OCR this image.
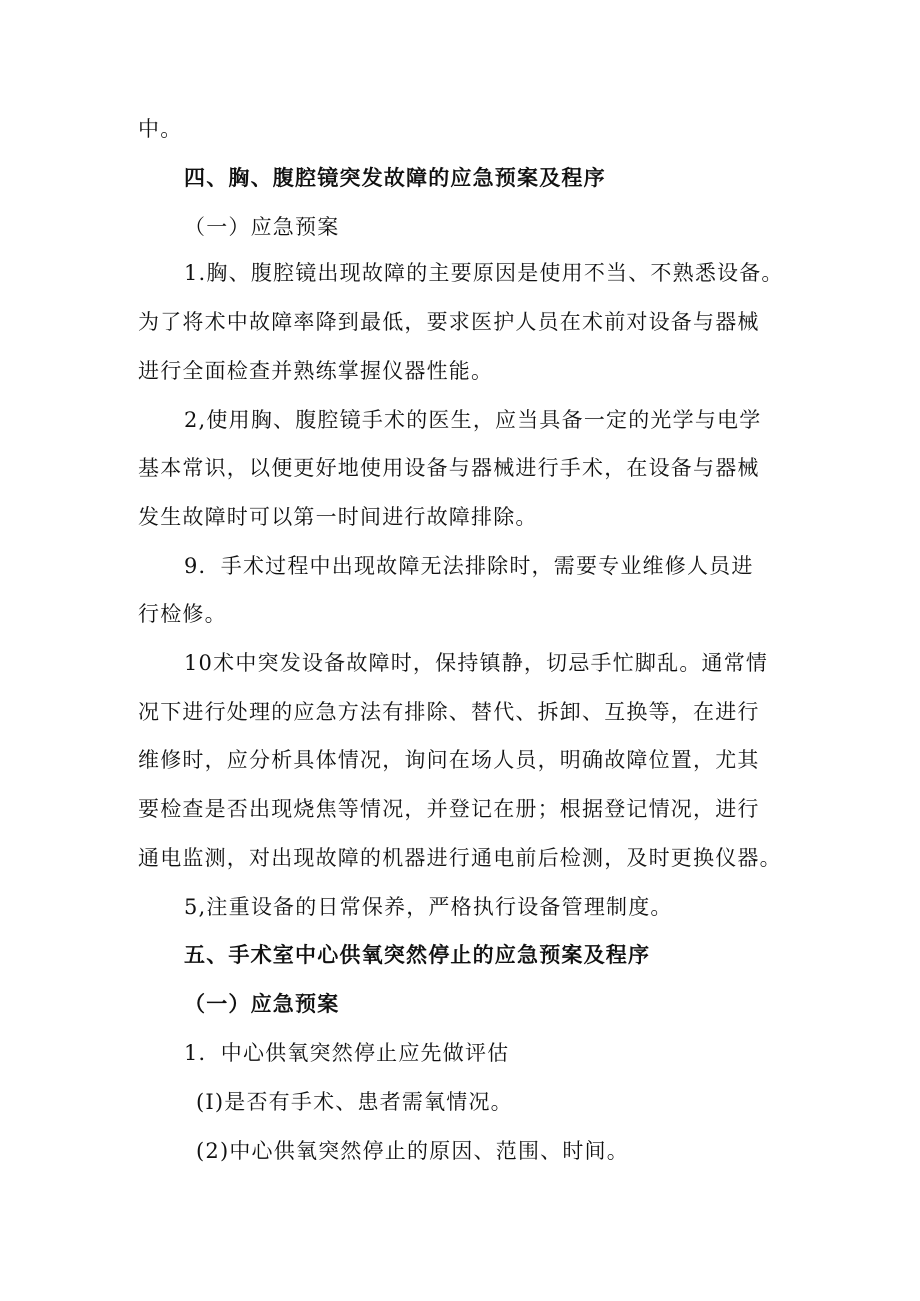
中。
四、胸、腹腔镜突发故障的应急预案及程序
（一）应急预案
1.胸、腹腔镜出现故障的主要原因是使用不当、不熟悉设备。
为了将术中故障率降到最低，要求医护人员在术前对设备与器械
进行全面检查并熟练掌握仪器性能。
2,使用胸、腹腔镜手术的医生，应当具备一定的光学与电学
基本常识，以便更好地使用设备与器械进行手术，在设备与器械
发生故障时可以第一时间进行故障排除。
9．手术过程中出现故障无法排除时，需要专业维修人员进
行检修。
10术中突发设备故障时，保持镇静，切忌手忙脚乱。通常情
况下进行处理的应急方法有排除、替代、拆卸、互换等，在进行
维修时，应分析具体情况，询问在场人员，明确故障位置，尤其
要检查是否出现烧焦等情况，并登记在册；根据登记情况，进行
通电监测，对出现故障的机器进行通电前后检测，及时更换仪器。
5,注重设备的日常保养，严格执行设备管理制度。
五、手术室中心供氧突然停止的应急预案及程序
（一）应急预案
1．中心供氧突然停止应先做评估
(I)是否有手术、患者需氧情况。
(2)中心供氧突然停止的原因、范围、时间。
